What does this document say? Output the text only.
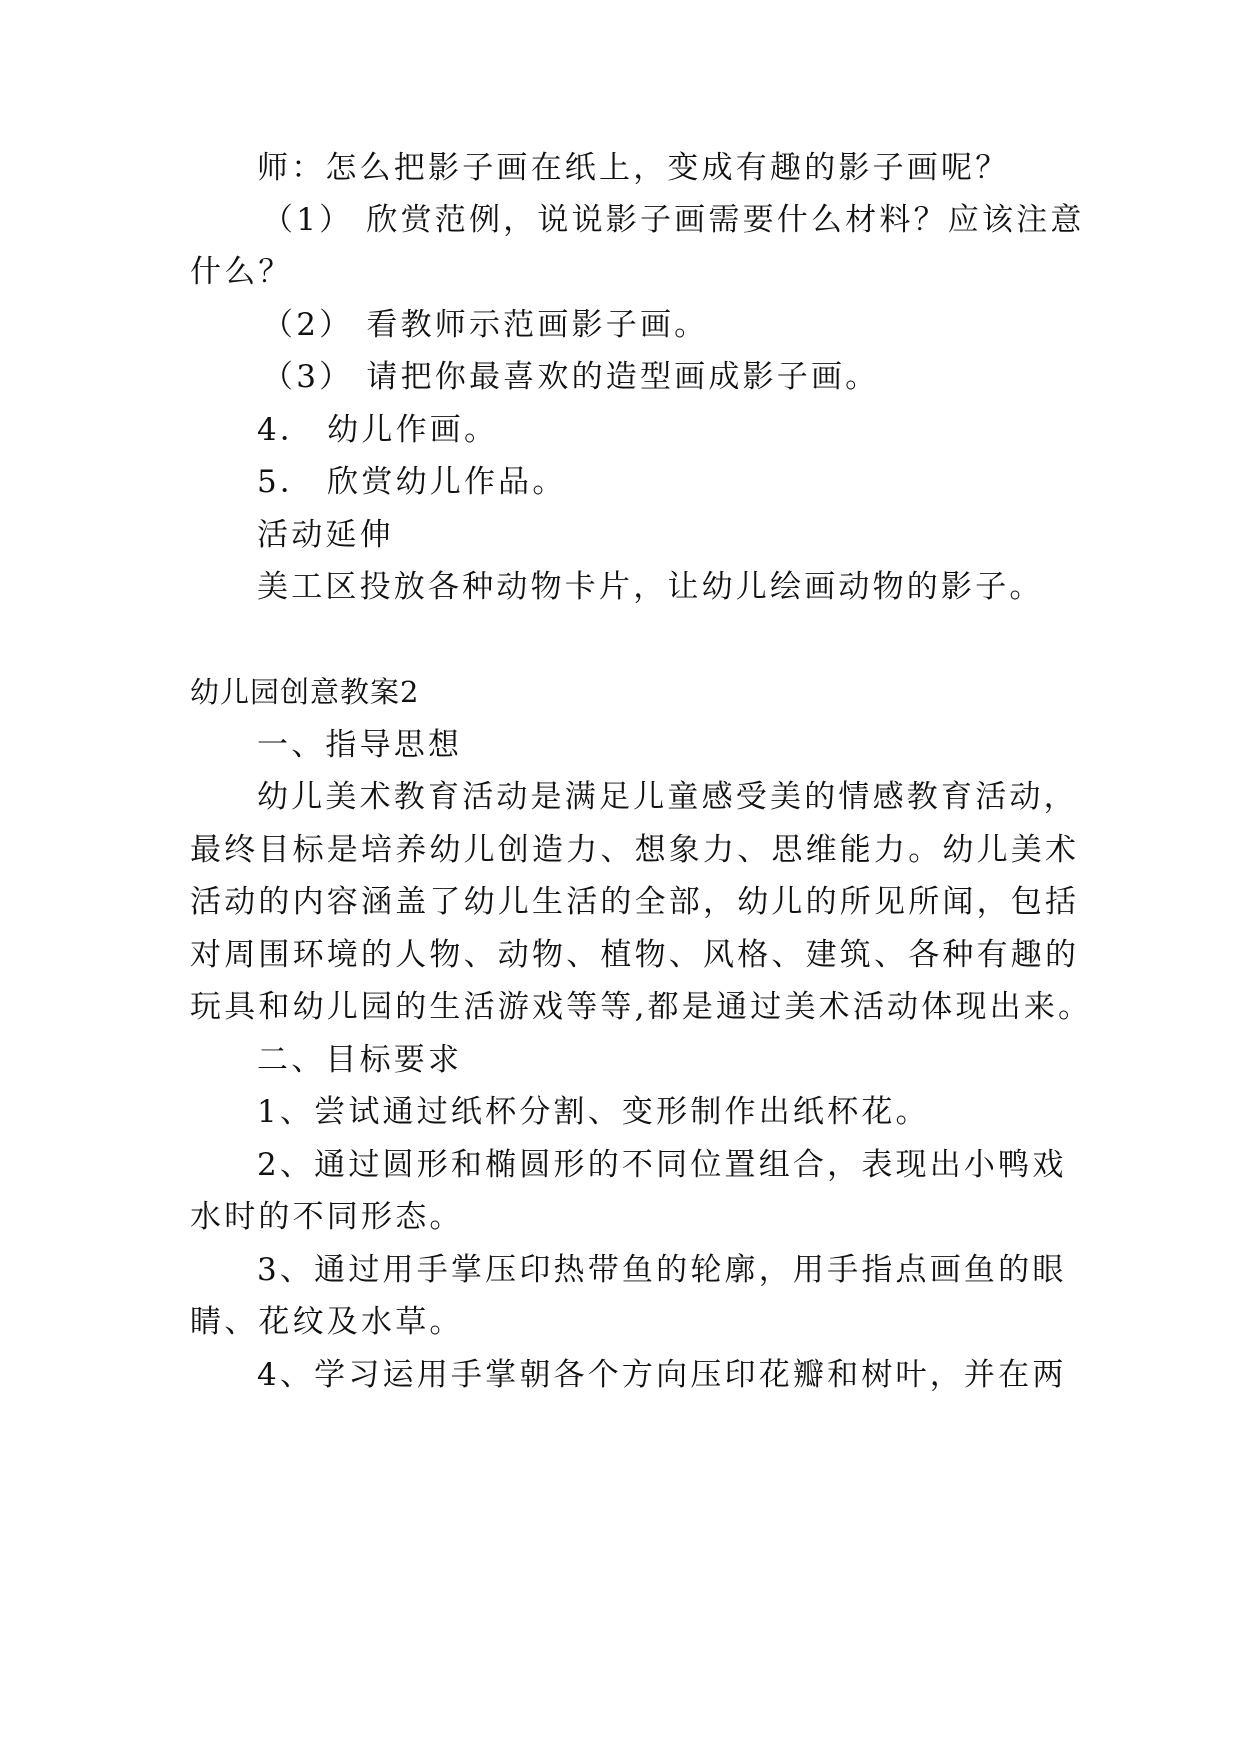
师：怎么把影子画在纸上，变成有趣的影子画呢？
（1） 欣赏范例，说说影子画需要什么材料？应该注意
什么？
（2） 看教师示范画影子画。
（3） 请把你最喜欢的造型画成影子画。
4． 幼儿作画。
5． 欣赏幼儿作品。
活动延伸
美工区投放各种动物卡片，让幼儿绘画动物的影子。
幼儿园创意教案2
一、指导思想
幼儿美术教育活动是满足儿童感受美的情感教育活动，
最终目标是培养幼儿创造力、想象力、思维能力。幼儿美术
活动的内容涵盖了幼儿生活的全部，幼儿的所见所闻，包括
对周围环境的人物、动物、植物、风格、建筑、各种有趣的
玩具和幼儿园的生活游戏等等,都是通过美术活动体现出来。
二、目标要求
1、尝试通过纸杯分割、变形制作出纸杯花。
2、通过圆形和椭圆形的不同位置组合，表现出小鸭戏
水时的不同形态。
3、通过用手掌压印热带鱼的轮廓，用手指点画鱼的眼
睛、花纹及水草。
4、学习运用手掌朝各个方向压印花瓣和树叶，并在两
